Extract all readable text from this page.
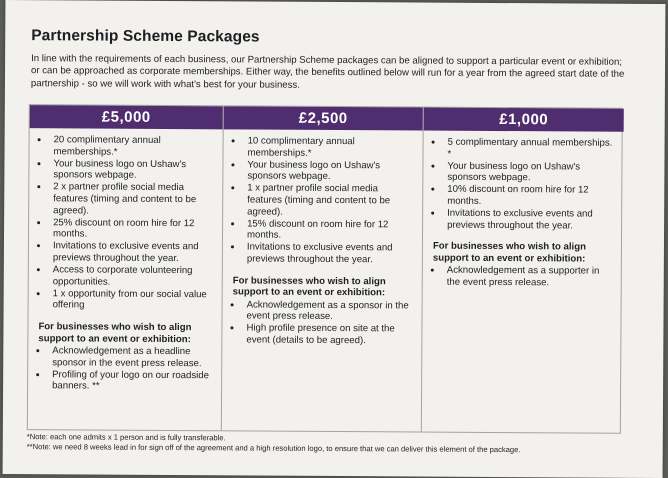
Partnership Scheme Packages
In line with the requirements of each business, our Partnership Scheme packages can be aligned to support a particular event or exhibition; or can be approached as corporate memberships. Either way, the benefits outlined below will run for a year from the agreed start date of the partnership - so we will work with what's best for your business.
£5,000
• 20 complimentary annual memberships.*
• Your business logo on Ushaw's sponsors webpage.
• 2 x partner profile social media features (timing and content to be agreed).
• 25% discount on room hire for 12 months.
• Invitations to exclusive events and previews throughout the year.
• Access to corporate volunteering opportunities.
• 1 x opportunity from our social value offering
For businesses who wish to align support to an event or exhibition:
• Acknowledgement as a headline sponsor in the event press release.
• Profiling of your logo on our roadside banners. **
£2,500
• 10 complimentary annual memberships.*
• Your business logo on Ushaw's sponsors webpage.
• 1 x partner profile social media features (timing and content to be agreed).
• 15% discount on room hire for 12 months.
• Invitations to exclusive events and previews throughout the year.
For businesses who wish to align support to an event or exhibition:
• Acknowledgement as a sponsor in the event press release.
• High profile presence on site at the event (details to be agreed).
£1,000
• 5 complimentary annual memberships. *
• Your business logo on Ushaw's sponsors webpage.
• 10% discount on room hire for 12 months.
• Invitations to exclusive events and previews throughout the year.
For businesses who wish to align support to an event or exhibition:
• Acknowledgement as a supporter in the event press release.
*Note: each one admits x 1 person and is fully transferable.
**Note: we need 8 weeks lead in for sign off of the agreement and a high resolution logo, to ensure that we can deliver this element of the package.
